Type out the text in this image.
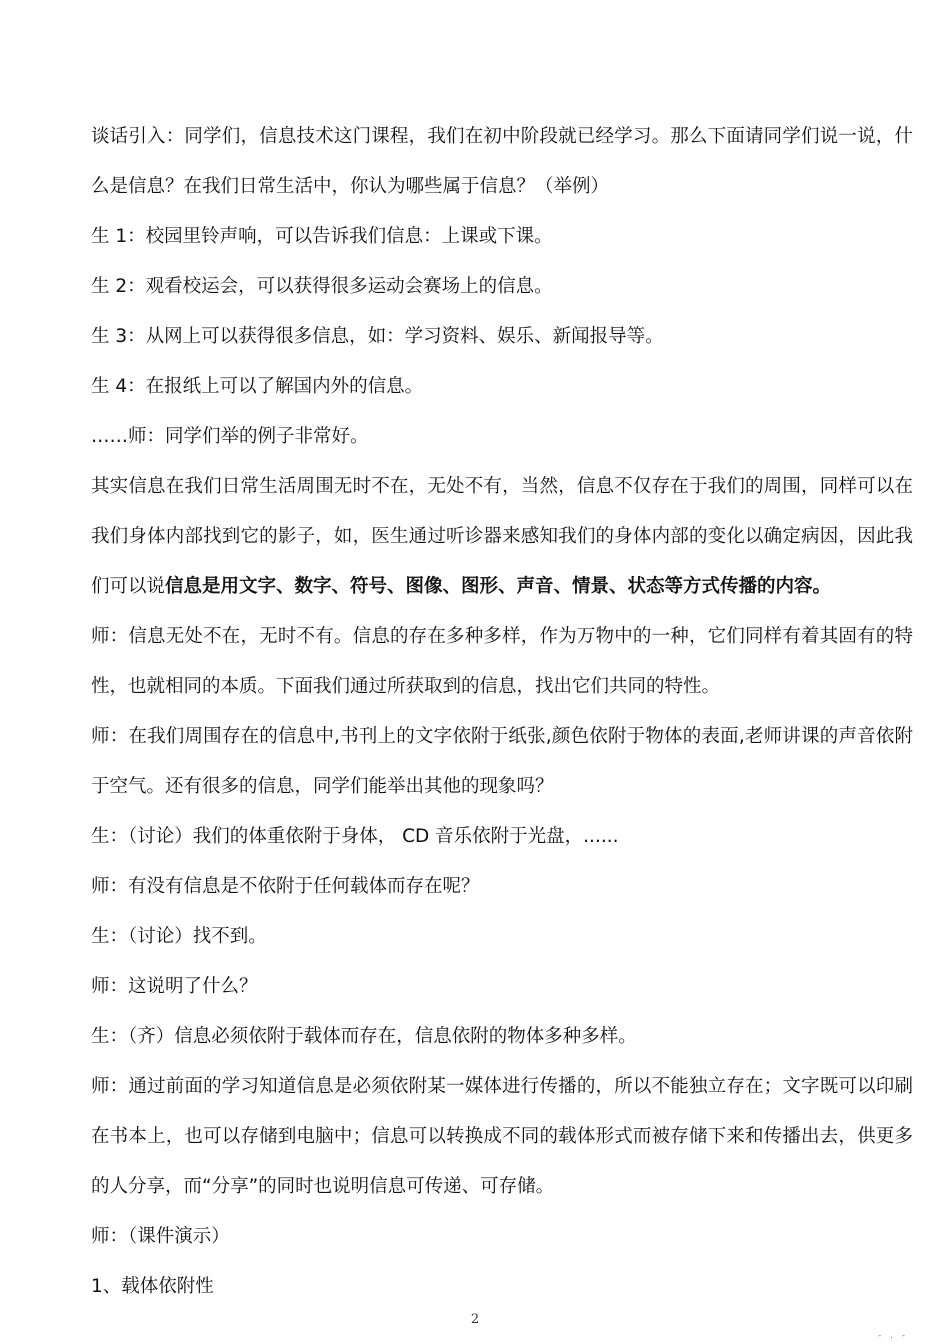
谈话引入：同学们，信息技术这门课程，我们在初中阶段就已经学习。那么下面请同学们说一说，什么是信息？在我们日常生活中，你认为哪些属于信息？（举例）

生 1：校园里铃声响，可以告诉我们信息：上课或下课。

生 2：观看校运会，可以获得很多运动会赛场上的信息。

生 3：从网上可以获得很多信息，如：学习资料、娱乐、新闻报导等。

生 4：在报纸上可以了解国内外的信息。

……师：同学们举的例子非常好。

其实信息在我们日常生活周围无时不在，无处不有，当然，信息不仅存在于我们的周围，同样可以在我们身体内部找到它的影子，如，医生通过听诊器来感知我们的身体内部的变化以确定病因，因此我们可以说信息是用文字、数字、符号、图像、图形、声音、情景、状态等方式传播的内容。

师：信息无处不在，无时不有。信息的存在多种多样，作为万物中的一种，它们同样有着其固有的特性，也就相同的本质。下面我们通过所获取到的信息，找出它们共同的特性。

师：在我们周围存在的信息中,书刊上的文字依附于纸张,颜色依附于物体的表面,老师讲课的声音依附于空气。还有很多的信息，同学们能举出其他的现象吗？

生：（讨论）我们的体重依附于身体， CD 音乐依附于光盘，......

师：有没有信息是不依附于任何载体而存在呢？

生：（讨论）找不到。

师：这说明了什么？

生：（齐）信息必须依附于载体而存在，信息依附的物体多种多样。

师：通过前面的学习知道信息是必须依附某一媒体进行传播的，所以不能独立存在；文字既可以印刷在书本上，也可以存储到电脑中；信息可以转换成不同的载体形式而被存储下来和传播出去，供更多的人分享，而“分享”的同时也说明信息可传递、可存储。

师：（课件演示）

1、载体依附性

2
- . -
